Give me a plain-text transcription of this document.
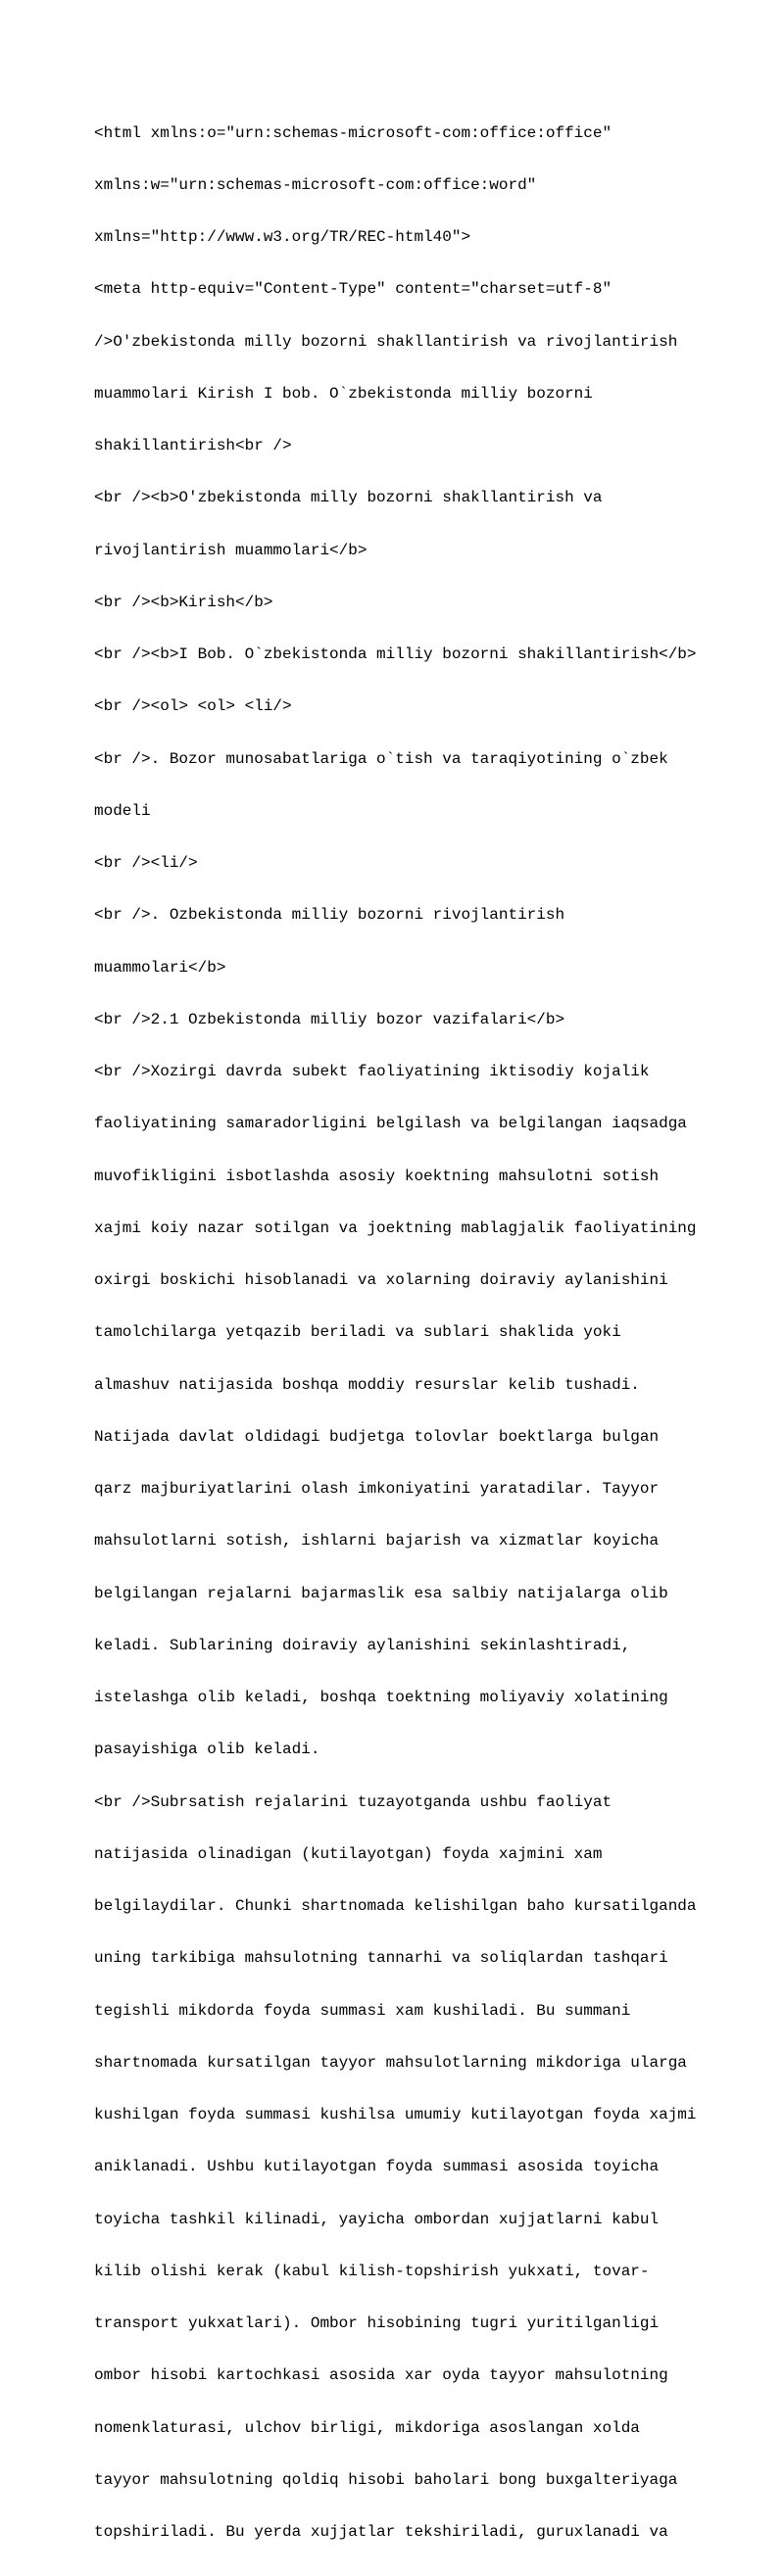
<html xmlns:o="urn:schemas-microsoft-com:office:office"

xmlns:w="urn:schemas-microsoft-com:office:word"

xmlns="http://www.w3.org/TR/REC-html40">

<meta http-equiv="Content-Type" content="charset=utf-8"

/>O'zbekistonda milly bozorni shakllantirish va rivojlantirish

muammolari Kirish I bob. O`zbekistonda milliy bozorni

shakillantirish<br />

<br /><b>O'zbekistonda milly bozorni shakllantirish va

rivojlantirish muammolari</b>

<br /><b>Kirish</b>

<br /><b>I Bob. O`zbekistonda milliy bozorni shakillantirish</b>

<br /><ol> <ol> <li/>

<br />. Bozor munosabatlariga o`tish va taraqiyotining o`zbek

modeli

<br /><li/>

<br />. Ozbekistonda milliy bozorni rivojlantirish

muammolari</b>

<br />2.1 Ozbekistonda milliy bozor vazifalari</b>

<br />Xozirgi davrda subekt faoliyatining iktisodiy kojalik

faoliyatining samaradorligini belgilash va belgilangan iaqsadga

muvofikligini isbotlashda asosiy koektning mahsulotni sotish

xajmi koiy nazar sotilgan va joektning mablagjalik faoliyatining

oxirgi boskichi hisoblanadi va xolarning doiraviy aylanishini

tamolchilarga yetqazib beriladi va sublari shaklida yoki

almashuv natijasida boshqa moddiy resurslar kelib tushadi.

Natijada davlat oldidagi budjetga tolovlar boektlarga bulgan

qarz majburiyatlarini olash imkoniyatini yaratadilar. Tayyor

mahsulotlarni sotish, ishlarni bajarish va xizmatlar koyicha

belgilangan rejalarni bajarmaslik esa salbiy natijalarga olib

keladi. Sublarining doiraviy aylanishini sekinlashtiradi,

istelashga olib keladi, boshqa toektning moliyaviy xolatining

pasayishiga olib keladi.

<br />Subrsatish rejalarini tuzayotganda ushbu faoliyat

natijasida olinadigan (kutilayotgan) foyda xajmini xam

belgilaydilar. Chunki shartnomada kelishilgan baho kursatilganda

uning tarkibiga mahsulotning tannarhi va soliqlardan tashqari

tegishli mikdorda foyda summasi xam kushiladi. Bu summani

shartnomada kursatilgan tayyor mahsulotlarning mikdoriga ularga

kushilgan foyda summasi kushilsa umumiy kutilayotgan foyda xajmi

aniklanadi. Ushbu kutilayotgan foyda summasi asosida toyicha

toyicha tashkil kilinadi, yayicha ombordan xujjatlarni kabul

kilib olishi kerak (kabul kilish-topshirish yukxati, tovar-

transport yukxatlari). Ombor hisobining tugri yuritilganligi

ombor hisobi kartochkasi asosida xar oyda tayyor mahsulotning

nomenklaturasi, ulchov birligi, mikdoriga asoslangan xolda

tayyor mahsulotning qoldiq hisobi baholari bong buxgalteriyaga

topshiriladi. Bu yerda xujjatlar tekshiriladi, guruxlanadi va
